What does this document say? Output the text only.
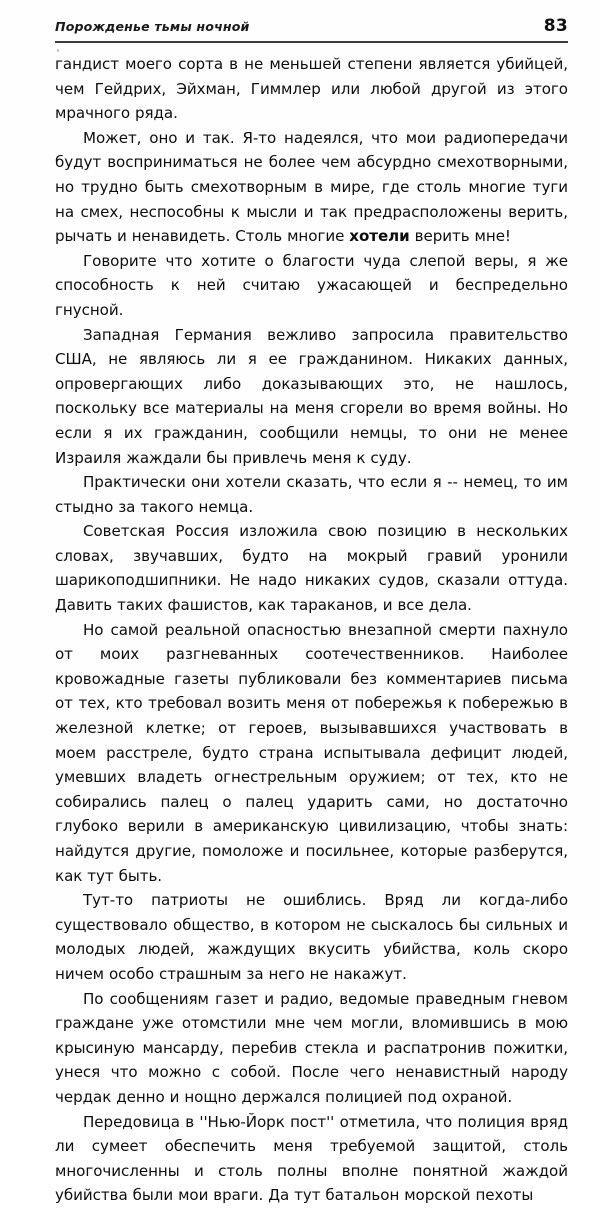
Порожденье тьмы ночной	83

гандист моего сорта в не меньшей степени является убийцей, чем Гейдрих, Эйхман, Гиммлер или любой другой из этого мрачного ряда.

Может, оно и так. Я-то надеялся, что мои радиопередачи будут восприниматься не более чем абсурдно смехотворными, но трудно быть смехотворным в мире, где столь многие туги на смех, неспособны к мысли и так предрасположены верить, рычать и ненавидеть. Столь многие хотели верить мне!

Говорите что хотите о благости чуда слепой веры, я же способность к ней считаю ужасающей и беспредельно гнусной.

Западная Германия вежливо запросила правительство США, не являюсь ли я ее гражданином. Никаких данных, опровергающих либо доказывающих это, не нашлось, поскольку все материалы на меня сгорели во время войны. Но если я их гражданин, сообщили немцы, то они не менее Израиля жаждали бы привлечь меня к суду.

Практически они хотели сказать, что если я -- немец, то им стыдно за такого немца.

Советская Россия изложила свою позицию в нескольких словах, звучавших, будто на мокрый гравий уронили шарикоподшипники. Не надо никаких судов, сказали оттуда. Давить таких фашистов, как тараканов, и все дела.

Но самой реальной опасностью внезапной смерти пахнуло от моих разгневанных соотечественников. Наиболее кровожадные газеты публиковали без комментариев письма от тех, кто требовал возить меня от побережья к побережью в железной клетке; от героев, вызывавшихся участвовать в моем расстреле, будто страна испытывала дефицит людей, умевших владеть огнестрельным оружием; от тех, кто не собирались палец о палец ударить сами, но достаточно глубоко верили в американскую цивилизацию, чтобы знать: найдутся другие, помоложе и посильнее, которые разберутся, как тут быть.

Тут-то патриоты не ошиблись. Вряд ли когда-либо существовало общество, в котором не сыскалось бы сильных и молодых людей, жаждущих вкусить убийства, коль скоро ничем особо страшным за него не накажут.

По сообщениям газет и радио, ведомые праведным гневом граждане уже отомстили мне чем могли, вломившись в мою крысиную мансарду, перебив стекла и распатронив пожитки, унеся что можно с собой. После чего ненавистный народу чердак денно и нощно держался полицией под охраной.

Передовица в ''Нью-Йорк пост'' отметила, что полиция вряд ли сумеет обеспечить меня требуемой защитой, столь многочисленны и столь полны вполне понятной жаждой убийства были мои враги. Да тут батальон морской пехоты
